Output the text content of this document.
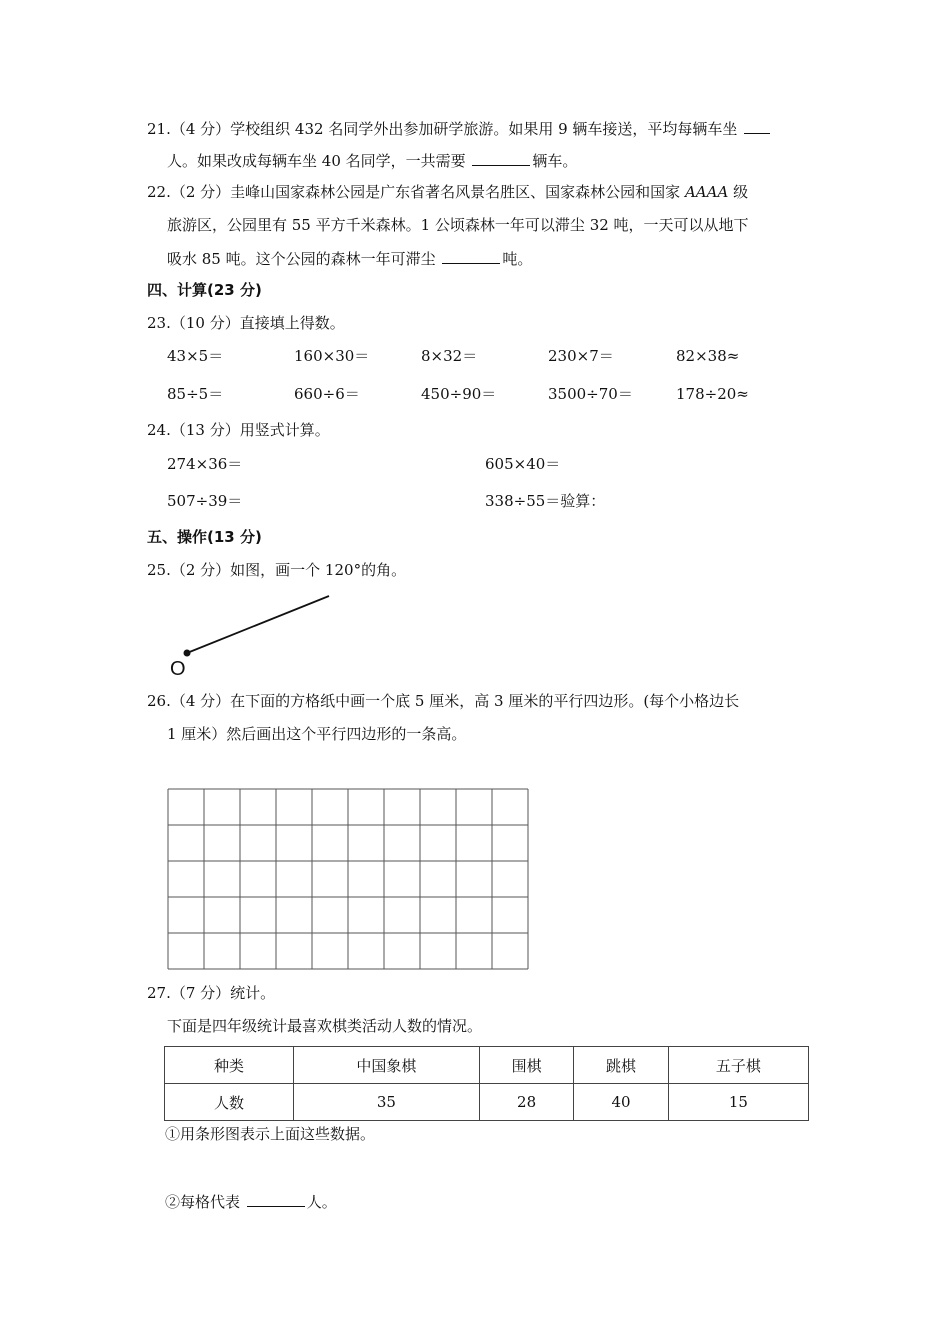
21.（4 分）学校组织 432 名同学外出参加研学旅游。如果用 9 辆车接送，平均每辆车坐
人。如果改成每辆车坐 40 名同学，一共需要	辆车。
22.（2 分）圭峰山国家森林公园是广东省著名风景名胜区、国家森林公园和国家 AAAA 级
旅游区，公园里有 55 平方千米森林。1 公顷森林一年可以滞尘 32 吨，一天可以从地下
吸水 85 吨。这个公园的森林一年可滞尘	吨。
四、计算(23 分)
23.（10 分）直接填上得数。
43×5＝	160×30＝	8×32＝	230×7＝	82×38≈
85÷5＝	660÷6＝	450÷90＝	3500÷70＝	178÷20≈
24.（13 分）用竖式计算。
274×36＝	605×40＝
507÷39＝	338÷55＝验算：
五、操作(13 分)
25.（2 分）如图，画一个 120°的角。
O
26.（4 分）在下面的方格纸中画一个底 5 厘米，高 3 厘米的平行四边形。(每个小格边长
1 厘米）然后画出这个平行四边形的一条高。
27.（7 分）统计。
下面是四年级统计最喜欢棋类活动人数的情况。
种类	中国象棋	围棋	跳棋	五子棋
人数	35	28	40	15
①用条形图表示上面这些数据。
②每格代表	人。
